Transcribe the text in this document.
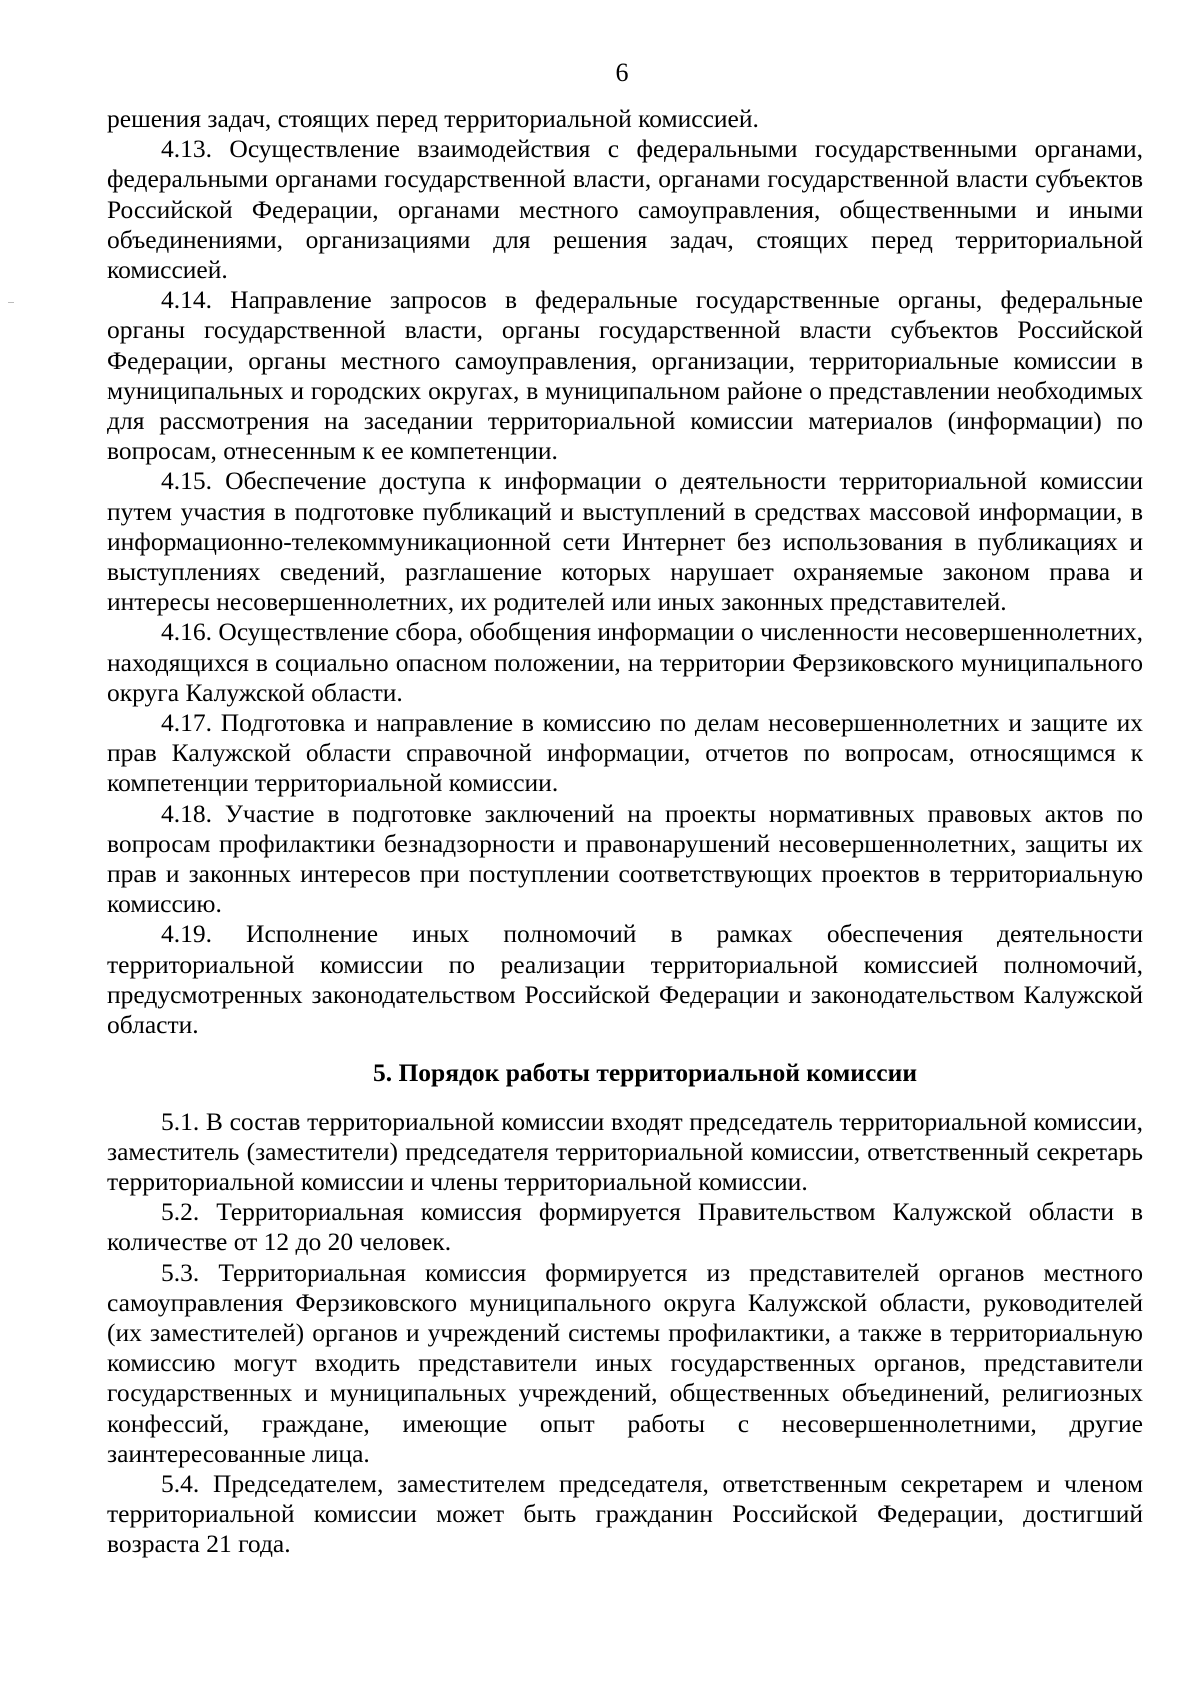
6

решения задач, стоящих перед территориальной комиссией.

4.13. Осуществление взаимодействия с федеральными государственными органами, федеральными органами государственной власти, органами государственной власти субъектов Российской Федерации, органами местного самоуправления, общественными и иными объединениями, организациями для решения задач, стоящих перед территориальной комиссией.

4.14. Направление запросов в федеральные государственные органы, федеральные органы государственной власти, органы государственной власти субъектов Российской Федерации, органы местного самоуправления, организации, территориальные комиссии в муниципальных и городских округах, в муниципальном районе о представлении необходимых для рассмотрения на заседании территориальной комиссии материалов (информации) по вопросам, отнесенным к ее компетенции.

4.15. Обеспечение доступа к информации о деятельности территориальной комиссии путем участия в подготовке публикаций и выступлений в средствах массовой информации, в информационно-телекоммуникационной сети Интернет без использования в публикациях и выступлениях сведений, разглашение которых нарушает охраняемые законом права и интересы несовершеннолетних, их родителей или иных законных представителей.

4.16. Осуществление сбора, обобщения информации о численности несовершеннолетних, находящихся в социально опасном положении, на территории Ферзиковского муниципального округа Калужской области.

4.17. Подготовка и направление в комиссию по делам несовершеннолетних и защите их прав Калужской области справочной информации, отчетов по вопросам, относящимся к компетенции территориальной комиссии.

4.18. Участие в подготовке заключений на проекты нормативных правовых актов по вопросам профилактики безнадзорности и правонарушений несовершеннолетних, защиты их прав и законных интересов при поступлении соответствующих проектов в территориальную комиссию.

4.19. Исполнение иных полномочий в рамках обеспечения деятельности территориальной комиссии по реализации территориальной комиссией полномочий, предусмотренных законодательством Российской Федерации и законодательством Калужской области.

5. Порядок работы территориальной комиссии

5.1. В состав территориальной комиссии входят председатель территориальной комиссии, заместитель (заместители) председателя территориальной комиссии, ответственный секретарь территориальной комиссии и члены территориальной комиссии.

5.2. Территориальная комиссия формируется Правительством Калужской области в количестве от 12 до 20 человек.

5.3. Территориальная комиссия формируется из представителей органов местного самоуправления Ферзиковского муниципального округа Калужской области, руководителей (их заместителей) органов и учреждений системы профилактики, а также в территориальную комиссию могут входить представители иных государственных органов, представители государственных и муниципальных учреждений, общественных объединений, религиозных конфессий, граждане, имеющие опыт работы с несовершеннолетними, другие заинтересованные лица.

5.4. Председателем, заместителем председателя, ответственным секретарем и членом территориальной комиссии может быть гражданин Российской Федерации, достигший возраста 21 года.
